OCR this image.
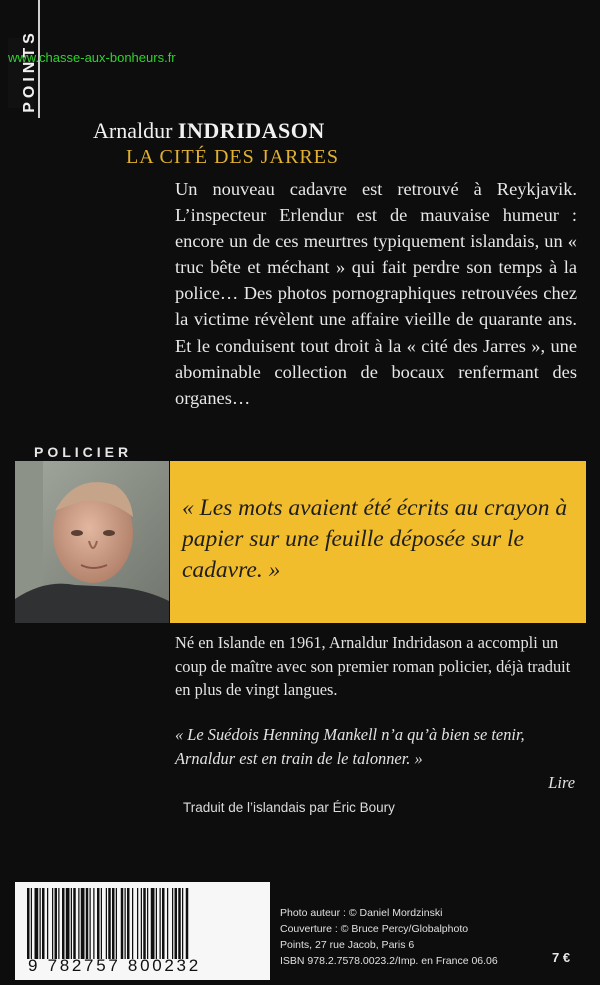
POINTS
www.chasse-aux-bonheurs.fr
Arnaldur INDRIDASON
LA CITÉ DES JARRES

Un nouveau cadavre est retrouvé à Reykjavik. L’inspecteur Erlendur est de mauvaise humeur : encore un de ces meurtres typiquement islandais, un « truc bête et méchant » qui fait perdre son temps à la police… Des photos pornographiques retrouvées chez la victime révèlent une affaire vieille de quarante ans. Et le conduisent tout droit à la « cité des Jarres », une abominable collection de bocaux renfermant des organes…

POLICIER
« Les mots avaient été écrits au crayon à papier sur une feuille déposée sur le cadavre. »
Né en Islande en 1961, Arnaldur Indridason a accompli un coup de maître avec son premier roman policier, déjà traduit en plus de vingt langues.
« Le Suédois Henning Mankell n’a qu’à bien se tenir, Arnaldur est en train de le talonner. »
Lire
Traduit de l’islandais par Éric Boury
9 782757 800232
Photo auteur : © Daniel Mordzinski
Couverture : © Bruce Percy/Globalphoto
Points, 27 rue Jacob, Paris 6
ISBN 978.2.7578.0023.2/Imp. en France 06.06	7 €
